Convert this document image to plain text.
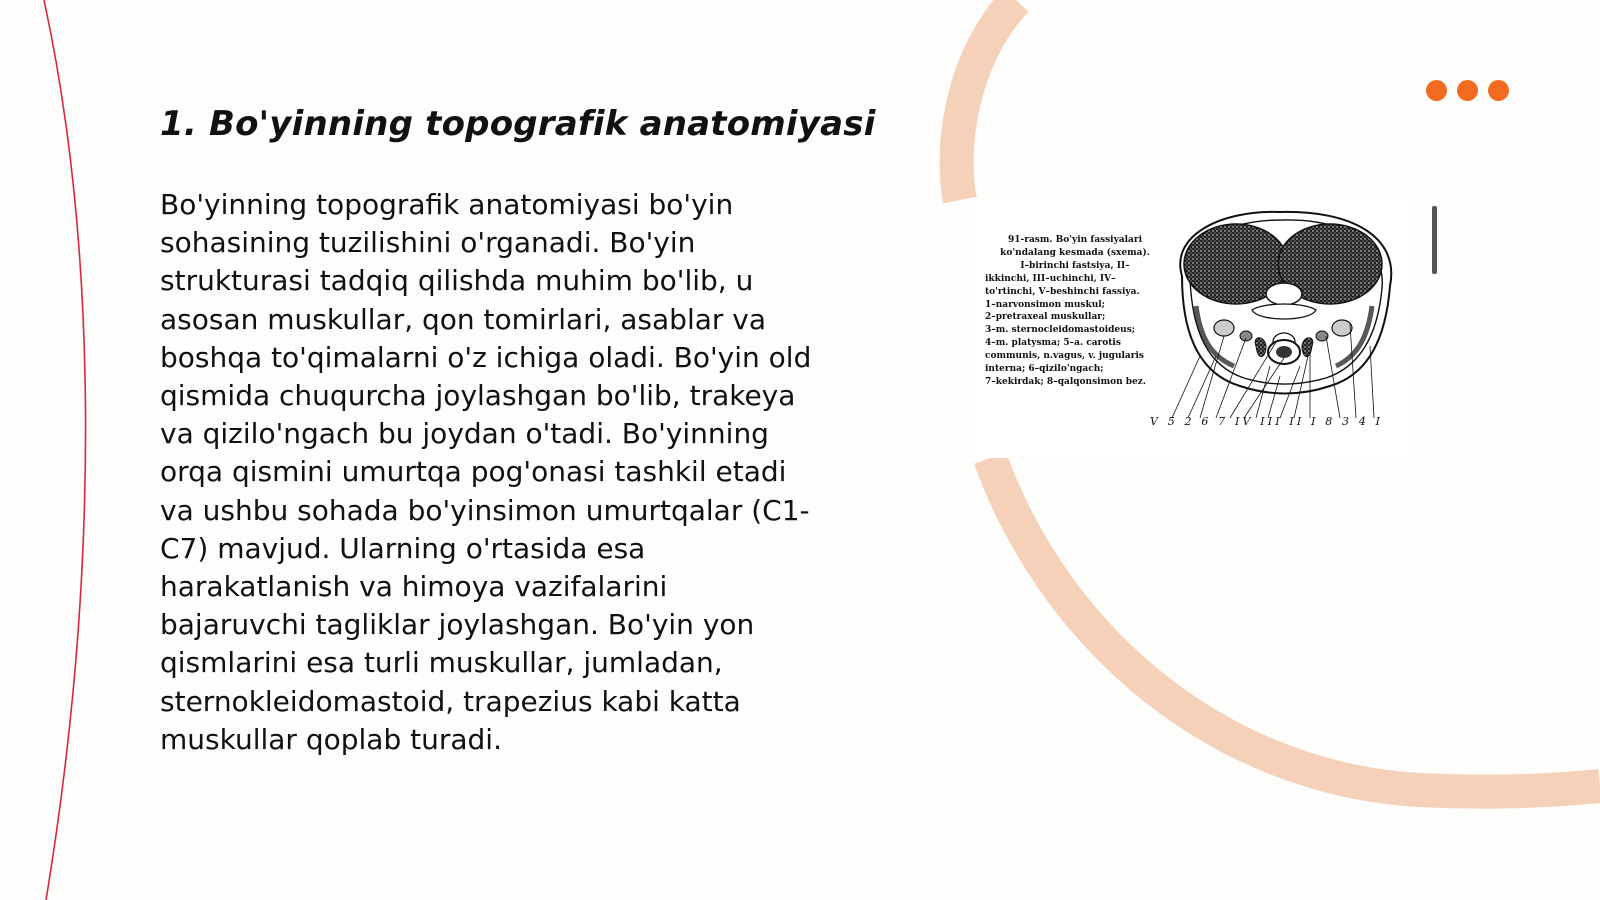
1. Bo'yinning topografik anatomiyasi
Bo'yinning topografik anatomiyasi bo'yin sohasining tuzilishini o'rganadi. Bo'yin strukturasi tadqiq qilishda muhim bo'lib, u asosan muskullar, qon tomirlari, asablar va boshqa to'qimalarni o'z ichiga oladi. Bo'yin old qismida chuqurcha joylashgan bo'lib, trakeya va qizilo'ngach bu joydan o'tadi. Bo'yinning orqa qismini umurtqa pog'onasi tashkil etadi va ushbu sohada bo'yinsimon umurtqalar (C1-C7) mavjud. Ularning o'rtasida esa harakatlanish va himoya vazifalarini bajaruvchi tagliklar joylashgan. Bo'yin yon qismlarini esa turli muskullar, jumladan, sternokleidomastoid, trapezius kabi katta muskullar qoplab turadi.
91-rasm. Bo'yin fassiyalari
ko'ndalang kesmada (sxema).
I–birinchi fastsiya, II–
ikkinchi, III–uchinchi, IV–
to'rtinchi, V–beshinchi fassiya.
1–narvonsimon muskul;
2–pretraxeal muskullar;
3–m. sternocleidomastoideus;
4–m. platysma; 5–a. carotis
communis, n.vagus, v. jugularis
interna; 6–qizilo'ngach;
7–kekirdak; 8–qalqonsimon bez.
V 5 2 6 7 IV III II I 8 3 4 I
